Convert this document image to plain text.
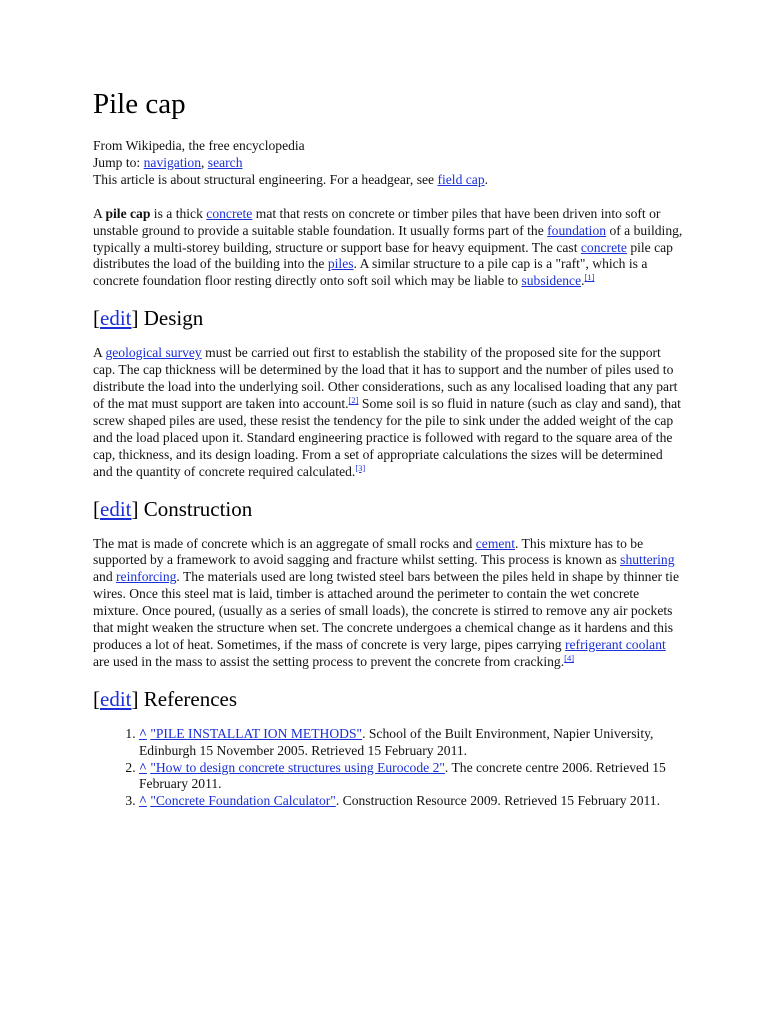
Pile cap
From Wikipedia, the free encyclopedia
Jump to: navigation, search
This article is about structural engineering. For a headgear, see field cap.

A pile cap is a thick concrete mat that rests on concrete or timber piles that have been driven into soft or unstable ground to provide a suitable stable foundation. It usually forms part of the foundation of a building, typically a multi-storey building, structure or support base for heavy equipment. The cast concrete pile cap distributes the load of the building into the piles. A similar structure to a pile cap is a "raft", which is a concrete foundation floor resting directly onto soft soil which may be liable to subsidence.[1]

[edit] Design

A geological survey must be carried out first to establish the stability of the proposed site for the support cap. The cap thickness will be determined by the load that it has to support and the number of piles used to distribute the load into the underlying soil. Other considerations, such as any localised loading that any part of the mat must support are taken into account.[2] Some soil is so fluid in nature (such as clay and sand), that screw shaped piles are used, these resist the tendency for the pile to sink under the added weight of the cap and the load placed upon it. Standard engineering practice is followed with regard to the square area of the cap, thickness, and its design loading. From a set of appropriate calculations the sizes will be determined and the quantity of concrete required calculated.[3]

[edit] Construction

The mat is made of concrete which is an aggregate of small rocks and cement. This mixture has to be supported by a framework to avoid sagging and fracture whilst setting. This process is known as shuttering and reinforcing. The materials used are long twisted steel bars between the piles held in shape by thinner tie wires. Once this steel mat is laid, timber is attached around the perimeter to contain the wet concrete mixture. Once poured, (usually as a series of small loads), the concrete is stirred to remove any air pockets that might weaken the structure when set. The concrete undergoes a chemical change as it hardens and this produces a lot of heat. Sometimes, if the mass of concrete is very large, pipes carrying refrigerant coolant are used in the mass to assist the setting process to prevent the concrete from cracking.[4]

[edit] References
1. ^ "PILE INSTALLAT ION METHODS". School of the Built Environment, Napier University, Edinburgh 15 November 2005. Retrieved 15 February 2011.
2. ^ "How to design concrete structures using Eurocode 2". The concrete centre 2006. Retrieved 15 February 2011.
3. ^ "Concrete Foundation Calculator". Construction Resource 2009. Retrieved 15 February 2011.
